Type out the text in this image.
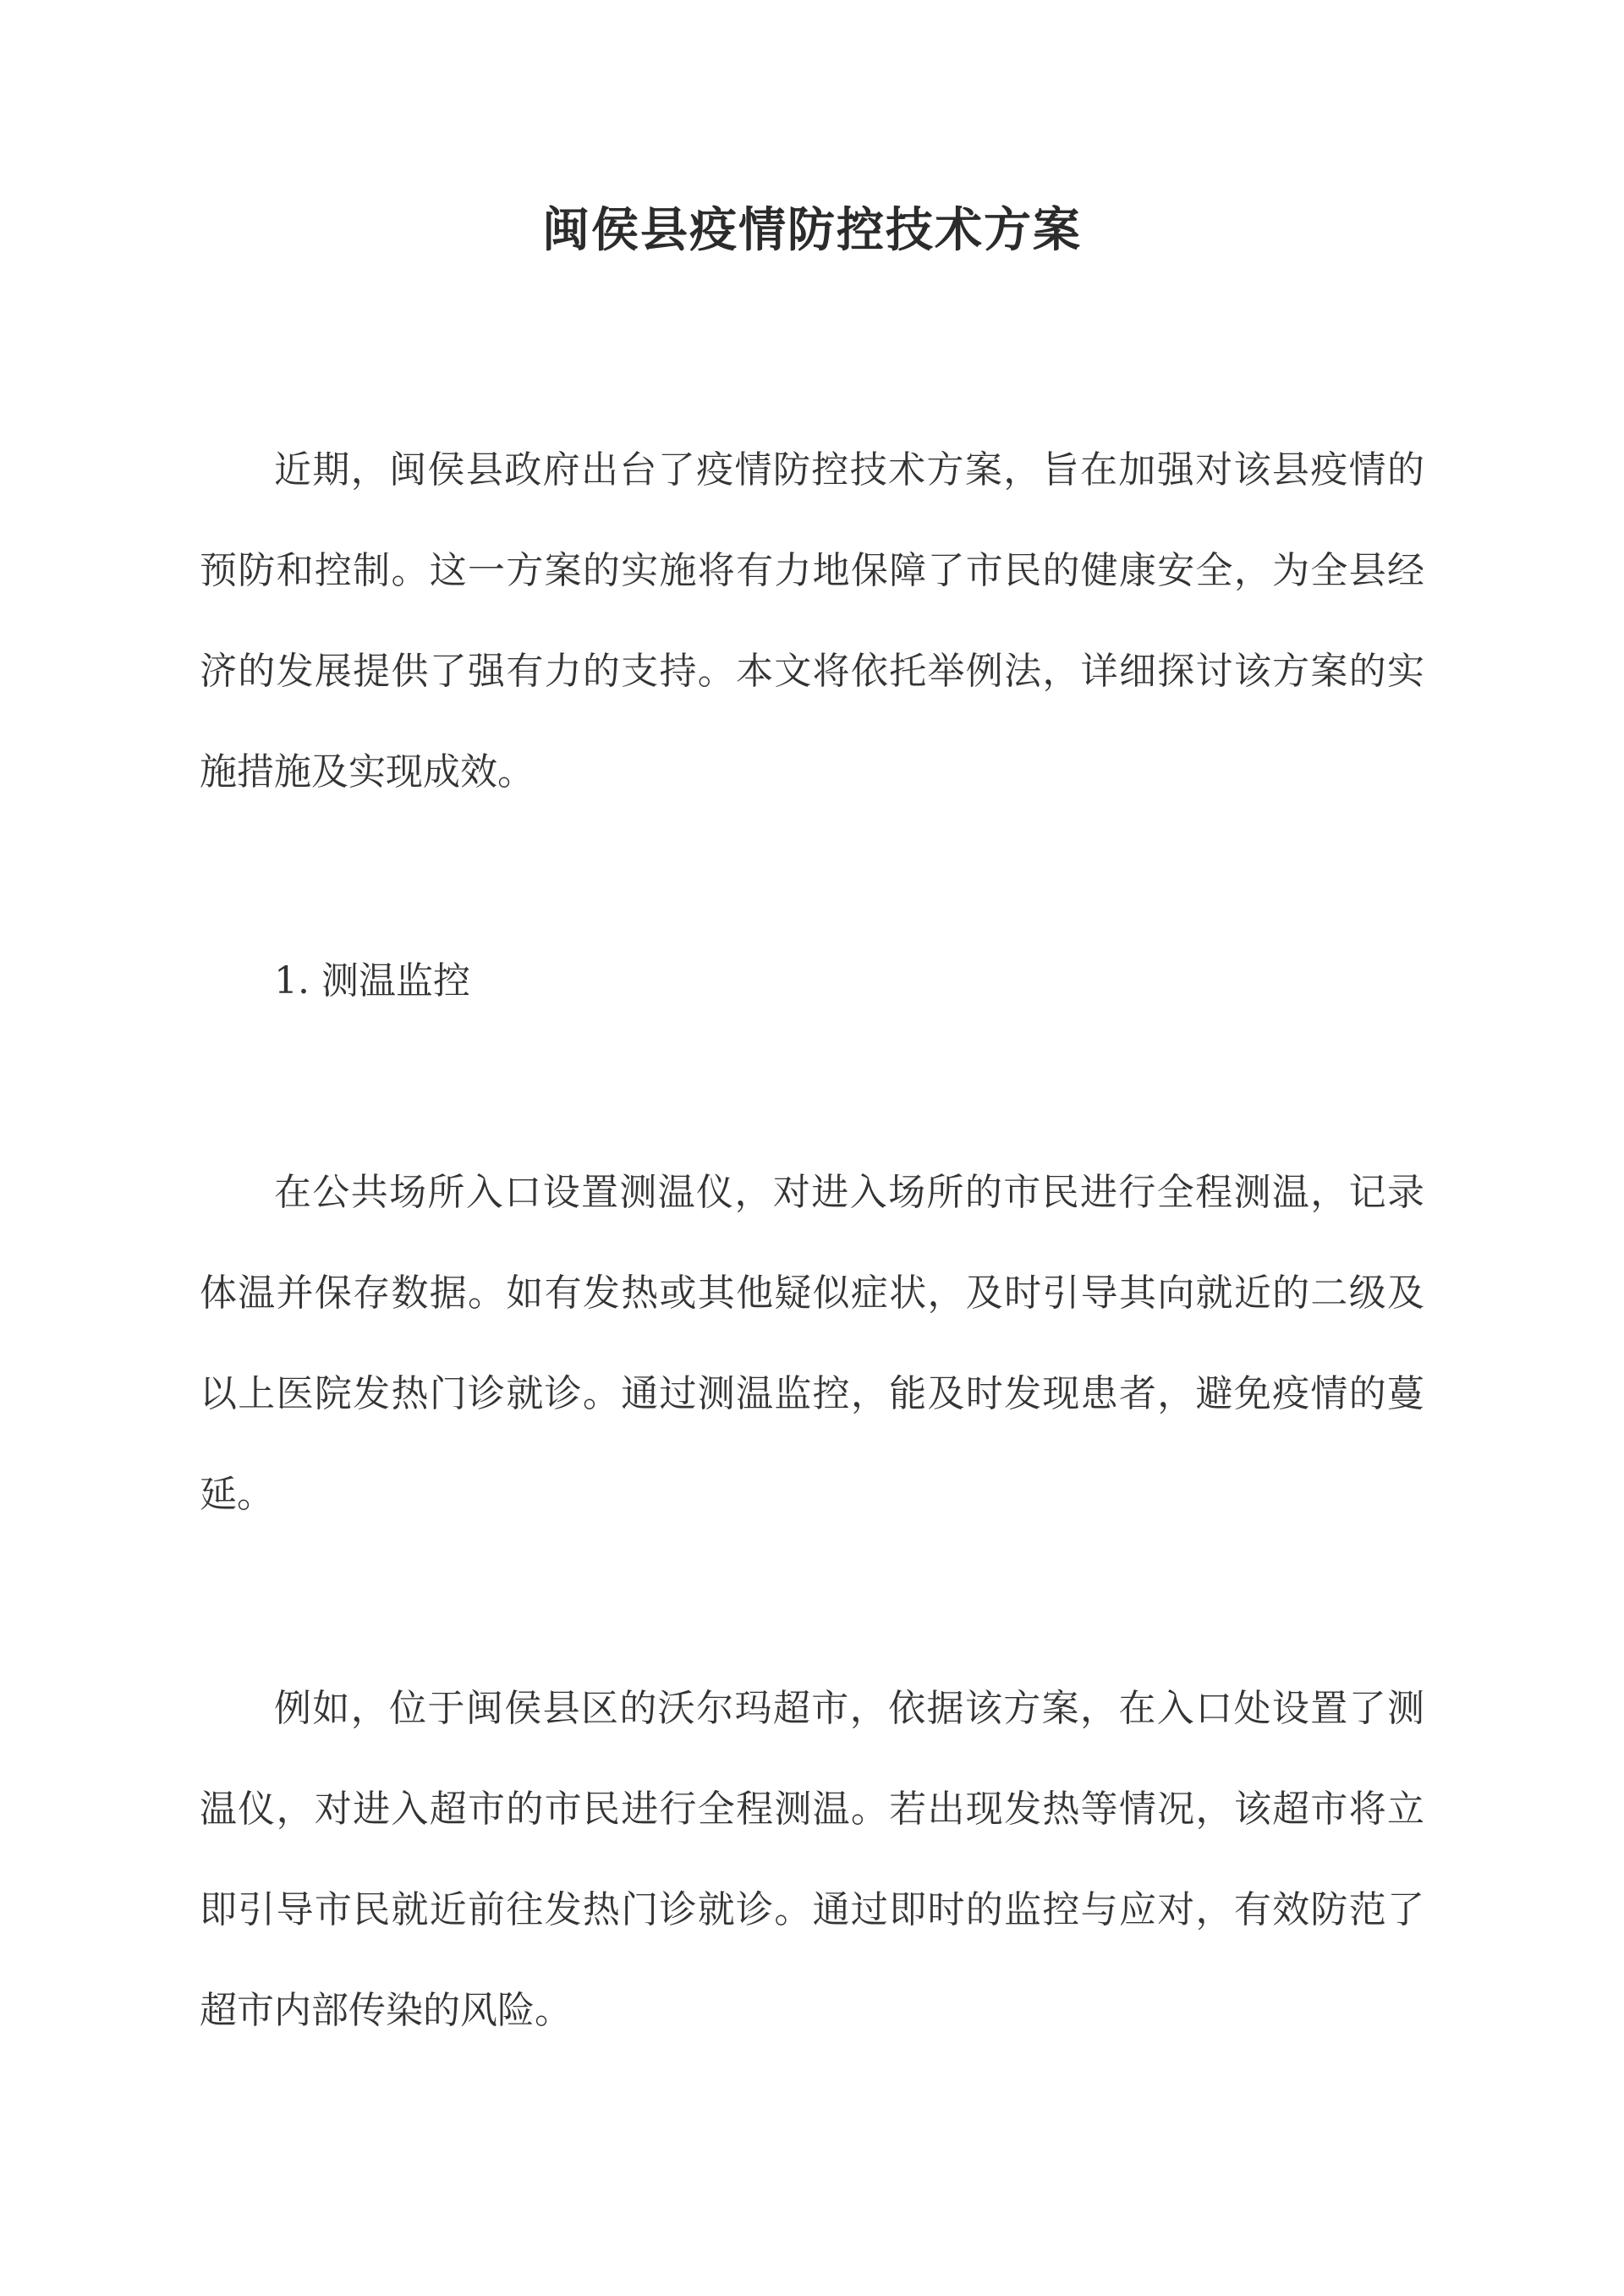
闽侯县疫情防控技术方案

近期，闽侯县政府出台了疫情防控技术方案，旨在加强对该县疫情的预防和控制。这一方案的实施将有力地保障了市民的健康安全，为全县经济的发展提供了强有力的支持。本文将依托举例法，详细探讨该方案的实施措施及实现成效。

1. 测温监控

在公共场所入口设置测温仪，对进入场所的市民进行全程测温，记录体温并保存数据。如有发热或其他疑似症状，及时引导其向就近的二级及以上医院发热门诊就诊。通过测温监控，能及时发现患者，避免疫情的蔓延。

例如，位于闽侯县区的沃尔玛超市，依据该方案，在入口处设置了测温仪，对进入超市的市民进行全程测温。若出现发热等情况，该超市将立即引导市民就近前往发热门诊就诊。通过即时的监控与应对，有效防范了超市内部传染的风险。
